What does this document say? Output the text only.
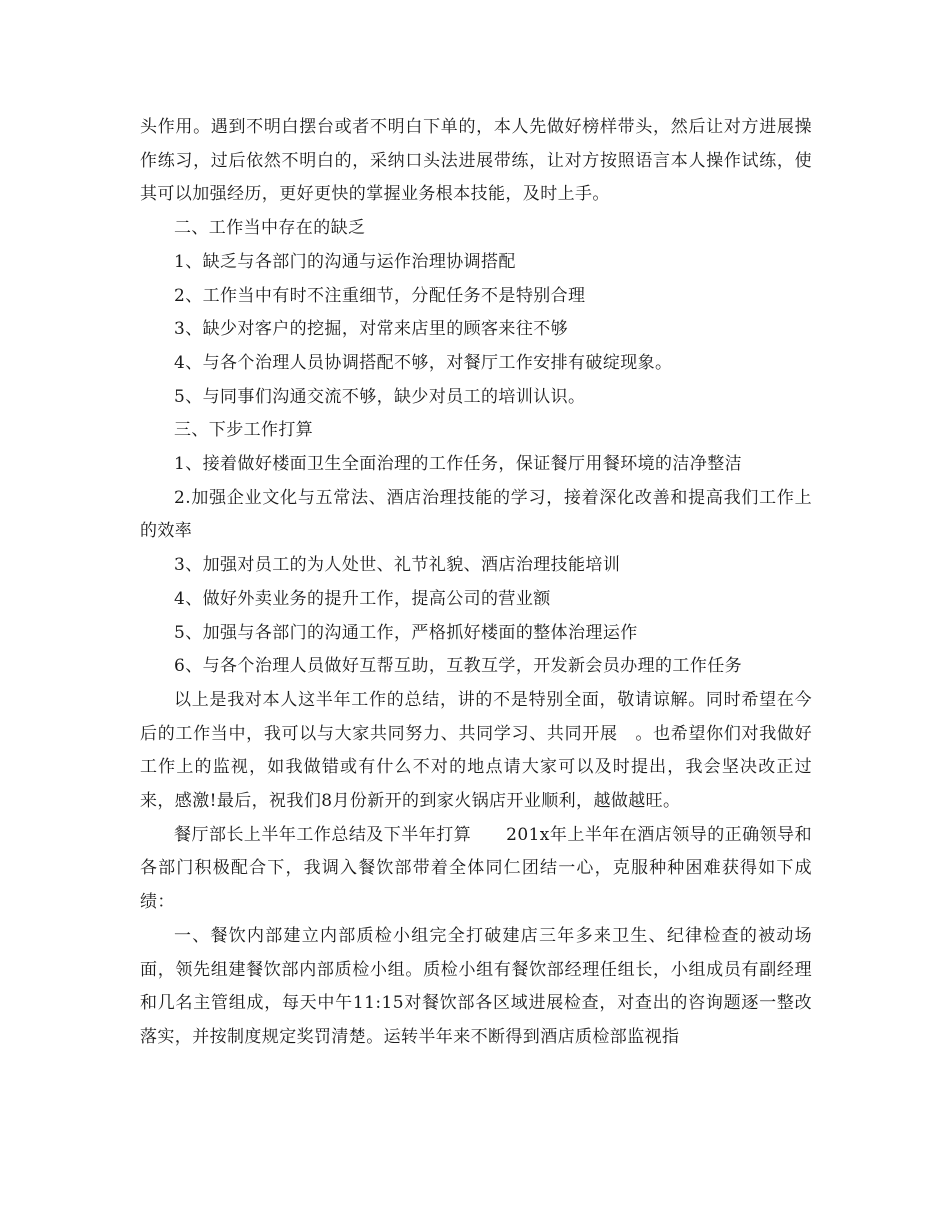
头作用。遇到不明白摆台或者不明白下单的，本人先做好榜样带头，然后让对方进展操作练习，过后依然不明白的，采纳口头法进展带练，让对方按照语言本人操作试练，使其可以加强经历，更好更快的掌握业务根本技能，及时上手。

二、工作当中存在的缺乏

1、缺乏与各部门的沟通与运作治理协调搭配

2、工作当中有时不注重细节，分配任务不是特别合理

3、缺少对客户的挖掘，对常来店里的顾客来往不够

4、与各个治理人员协调搭配不够，对餐厅工作安排有破绽现象。

5、与同事们沟通交流不够，缺少对员工的培训认识。

三、下步工作打算

1、接着做好楼面卫生全面治理的工作任务，保证餐厅用餐环境的洁净整洁

2.加强企业文化与五常法、酒店治理技能的学习，接着深化改善和提高我们工作上的效率

3、加强对员工的为人处世、礼节礼貌、酒店治理技能培训

4、做好外卖业务的提升工作，提高公司的营业额

5、加强与各部门的沟通工作，严格抓好楼面的整体治理运作

6、与各个治理人员做好互帮互助，互教互学，开发新会员办理的工作任务

以上是我对本人这半年工作的总结，讲的不是特别全面，敬请谅解。同时希望在今后的工作当中，我可以与大家共同努力、共同学习、共同开展　。也希望你们对我做好工作上的监视，如我做错或有什么不对的地点请大家可以及时提出，我会坚决改正过来，感激!最后，祝我们8月份新开的到家火锅店开业顺利，越做越旺。

餐厅部长上半年工作总结及下半年打算　　201x年上半年在酒店领导的正确领导和各部门积极配合下，我调入餐饮部带着全体同仁团结一心，克服种种困难获得如下成绩：

一、餐饮内部建立内部质检小组完全打破建店三年多来卫生、纪律检查的被动场面，领先组建餐饮部内部质检小组。质检小组有餐饮部经理任组长，小组成员有副经理和几名主管组成，每天中午11:15对餐饮部各区域进展检查，对查出的咨询题逐一整改落实，并按制度规定奖罚清楚。运转半年来不断得到酒店质检部监视指
